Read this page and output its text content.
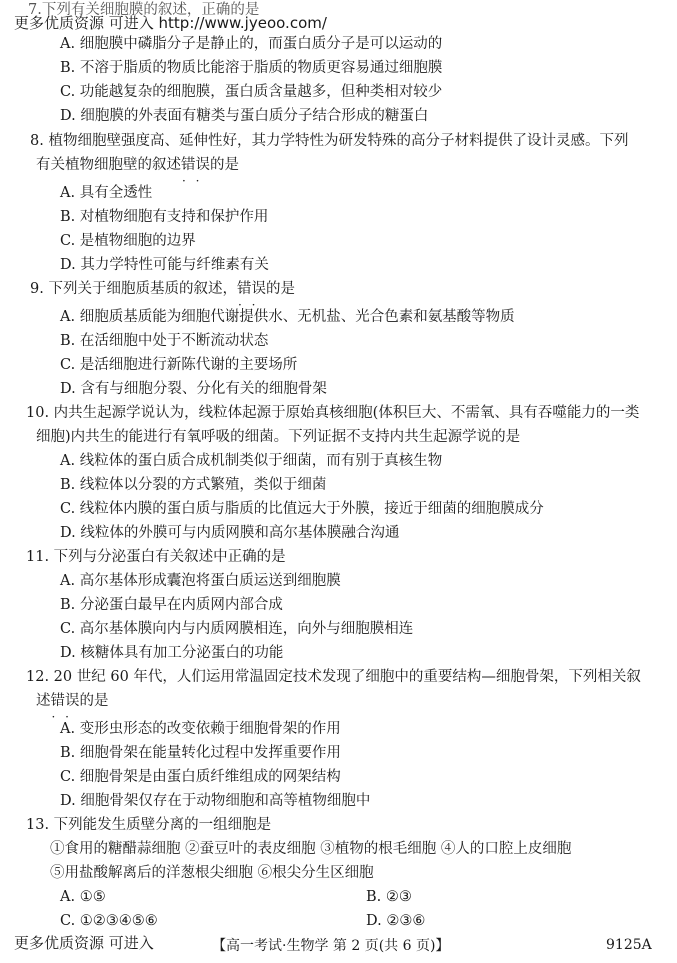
更多优质资源 可进入 http://www.jyeoo.com/
7.下列有关细胞膜的叙述，正确的是
A. 细胞膜中磷脂分子是静止的，而蛋白质分子是可以运动的
B. 不溶于脂质的物质比能溶于脂质的物质更容易通过细胞膜
C. 功能越复杂的细胞膜，蛋白质含量越多，但种类相对较少
D. 细胞膜的外表面有糖类与蛋白质分子结合形成的糖蛋白
8. 植物细胞壁强度高、延伸性好，其力学特性为研发特殊的高分子材料提供了设计灵感。下列
有关植物细胞壁的叙述错误 · ·的是
A. 具有全透性
B. 对植物细胞有支持和保护作用
C. 是植物细胞的边界
D. 其力学特性可能与纤维素有关
9. 下列关于细胞质基质的叙述，错误 · ·的是
A. 细胞质基质能为细胞代谢提供水、无机盐、光合色素和氨基酸等物质
B. 在活细胞中处于不断流动状态
C. 是活细胞进行新陈代谢的主要场所
D. 含有与细胞分裂、分化有关的细胞骨架
10. 内共生起源学说认为，线粒体起源于原始真核细胞(体积巨大、不需氧、具有吞噬能力的一类
细胞)内共生的能进行有氧呼吸的细菌。下列证据不支持内共生起源学说的是
A. 线粒体的蛋白质合成机制类似于细菌，而有别于真核生物
B. 线粒体以分裂的方式繁殖，类似于细菌
C. 线粒体内膜的蛋白质与脂质的比值远大于外膜，接近于细菌的细胞膜成分
D. 线粒体的外膜可与内质网膜和高尔基体膜融合沟通
11. 下列与分泌蛋白有关叙述中正确的是
A. 高尔基体形成囊泡将蛋白质运送到细胞膜
B. 分泌蛋白最早在内质网内部合成
C. 高尔基体膜向内与内质网膜相连，向外与细胞膜相连
D. 核糖体具有加工分泌蛋白的功能
12. 20 世纪 60 年代，人们运用常温固定技术发现了细胞中的重要结构—细胞骨架，下列相关叙
述错误 · ·的是
A. 变形虫形态的改变依赖于细胞骨架的作用
B. 细胞骨架在能量转化过程中发挥重要作用
C. 细胞骨架是由蛋白质纤维组成的网架结构
D. 细胞骨架仅存在于动物细胞和高等植物细胞中
13. 下列能发生质壁分离的一组细胞是
①食用的糖醋蒜细胞 ②蚕豆叶的表皮细胞 ③植物的根毛细胞 ④人的口腔上皮细胞
⑤用盐酸解离后的洋葱根尖细胞 ⑥根尖分生区细胞
A. ①⑤	B. ②③
C. ①②③④⑤⑥	D. ②③⑥
更多优质资源 可进入	【高一考试·生物学 第 2 页(共 6 页)】	9125A
